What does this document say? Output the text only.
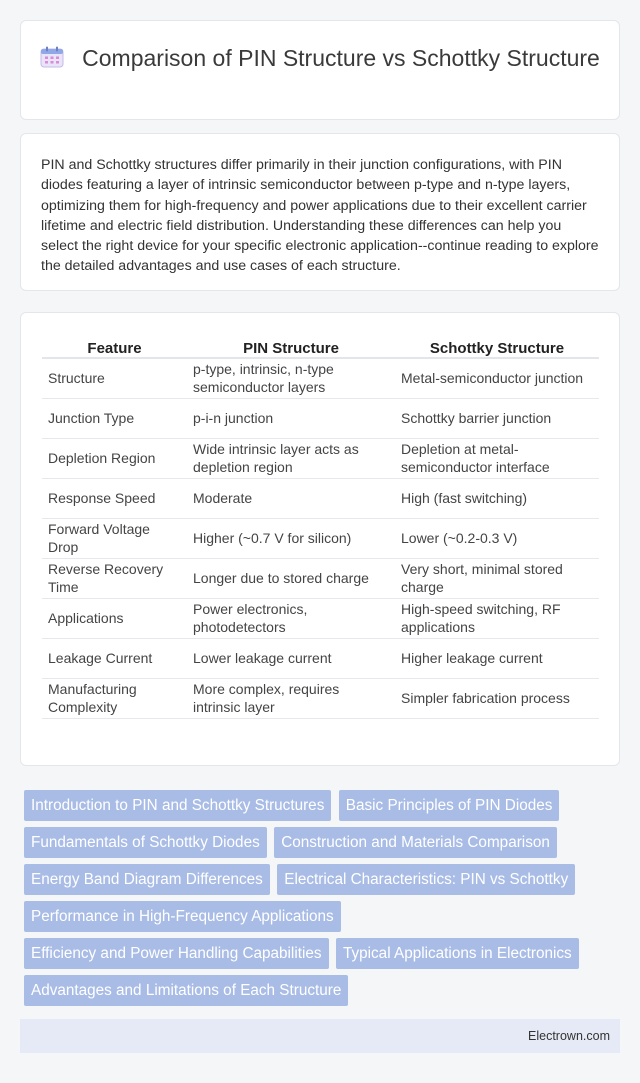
Comparison of PIN Structure vs Schottky Structure

PIN and Schottky structures differ primarily in their junction configurations, with PIN diodes featuring a layer of intrinsic semiconductor between p-type and n-type layers, optimizing them for high-frequency and power applications due to their excellent carrier lifetime and electric field distribution. Understanding these differences can help you select the right device for your specific electronic application--continue reading to explore the detailed advantages and use cases of each structure.

Feature	PIN Structure	Schottky Structure
Structure	p-type, intrinsic, n-type semiconductor layers	Metal-semiconductor junction
Junction Type	p-i-n junction	Schottky barrier junction
Depletion Region	Wide intrinsic layer acts as depletion region	Depletion at metal-semiconductor interface
Response Speed	Moderate	High (fast switching)
Forward Voltage Drop	Higher (~0.7 V for silicon)	Lower (~0.2-0.3 V)
Reverse Recovery Time	Longer due to stored charge	Very short, minimal stored charge
Applications	Power electronics, photodetectors	High-speed switching, RF applications
Leakage Current	Lower leakage current	Higher leakage current
Manufacturing Complexity	More complex, requires intrinsic layer	Simpler fabrication process
Introduction to PIN and Schottky Structures Basic Principles of PIN Diodes Fundamentals of Schottky Diodes Construction and Materials Comparison Energy Band Diagram Differences Electrical Characteristics: PIN vs Schottky Performance in High-Frequency Applications Efficiency and Power Handling Capabilities Typical Applications in Electronics Advantages and Limitations of Each Structure
Electrown.com
